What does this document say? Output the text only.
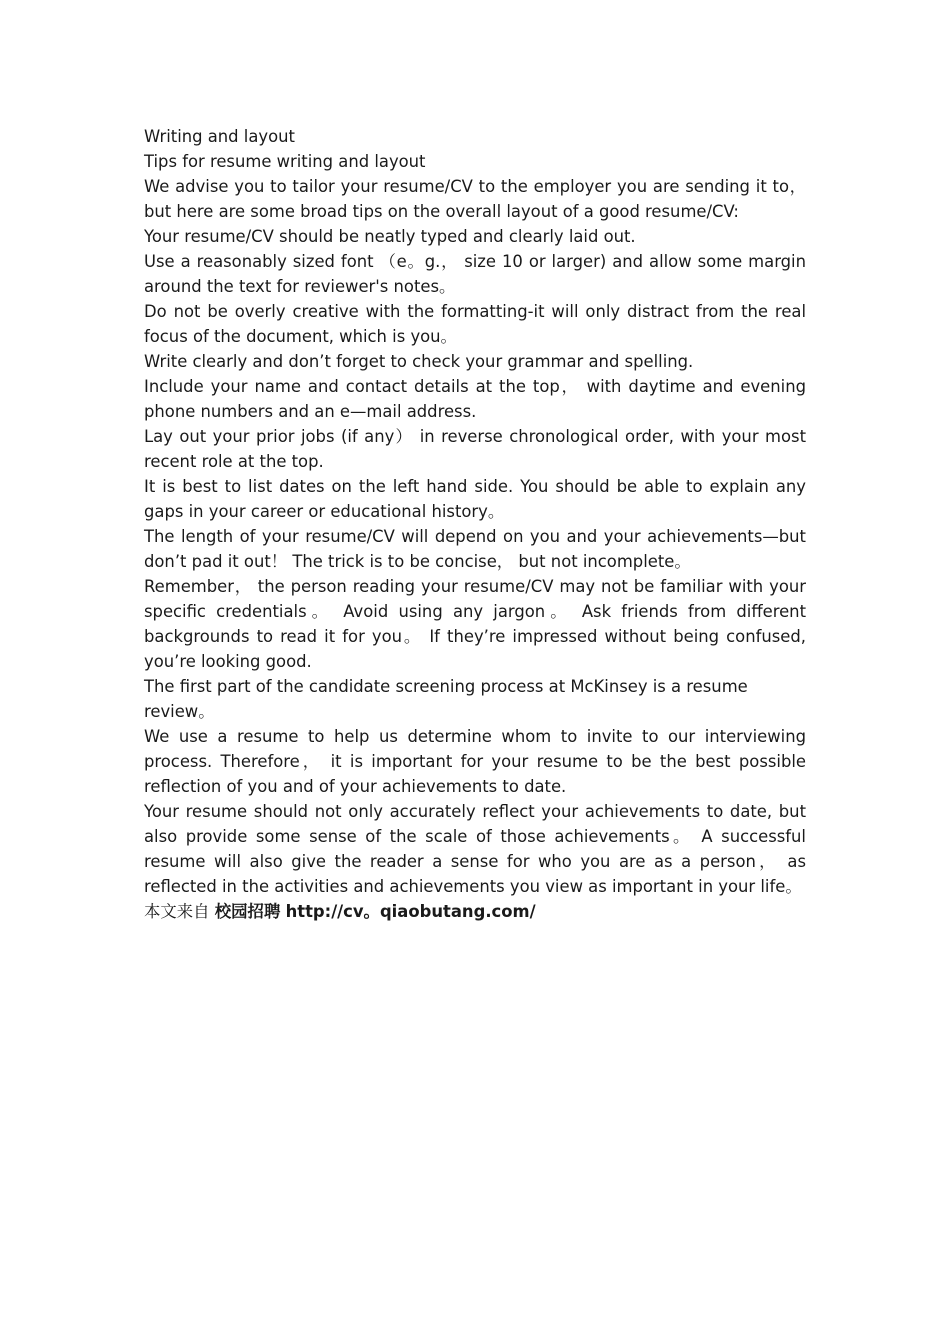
Writing and layout

Tips for resume writing and layout

We advise you to tailor your resume/CV to the employer you are sending it to， but here are some broad tips on the overall layout of a good resume/CV:

Your resume/CV should be neatly typed and clearly laid out.

Use a reasonably sized font （e。g.， size 10 or larger) and allow some margin around the text for reviewer's notes。

Do not be overly creative with the formatting-it will only distract from the real focus of the document, which is you。

Write clearly and don’t forget to check your grammar and spelling.

Include your name and contact details at the top， with daytime and evening phone numbers and an e—mail address.

Lay out your prior jobs (if any） in reverse chronological order, with your most recent role at the top.

It is best to list dates on the left hand side. You should be able to explain any gaps in your career or educational history。

The length of your resume/CV will depend on you and your achievements—but don’t pad it out！ The trick is to be concise， but not incomplete。

Remember， the person reading your resume/CV may not be familiar with your specific credentials。 Avoid using any jargon。 Ask friends from different backgrounds to read it for you。 If they’re impressed without being confused, you’re looking good.

The first part of the candidate screening process at McKinsey is a resume review。

We use a resume to help us determine whom to invite to our interviewing process. Therefore， it is important for your resume to be the best possible reflection of you and of your achievements to date.

Your resume should not only accurately reflect your achievements to date, but also provide some sense of the scale of those achievements。 A successful resume will also give the reader a sense for who you are as a person， as reflected in the activities and achievements you view as important in your life。

本文来自 校园招聘 http://cv。qiaobutang.com/
